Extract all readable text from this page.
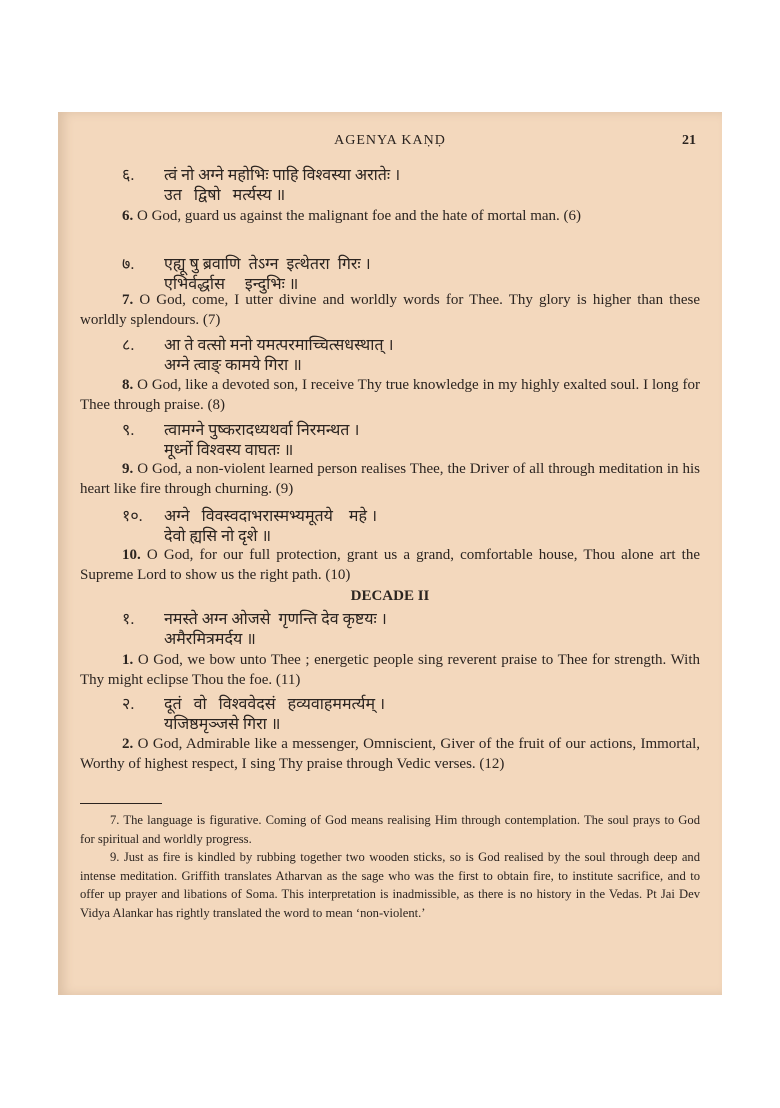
AGENYA KAṆḌ	21
६. त्वं नो अग्ने महोभिः पाहि विश्वस्या अरातेः ।
उत   द्विषो   मर्त्यस्य ॥
6. O God, guard us against the malignant foe and the hate of mortal man. (6)
७. एह्यू षु ब्रवाणि  तेऽग्न  इत्थेतरा  गिरः ।
एभिर्वर्द्धास     इन्दुभिः ॥
7. O God, come, I utter divine and worldly words for Thee. Thy glory is higher than these worldly splendours. (7)
८. आ ते वत्सो मनो यमत्परमाच्चित्सधस्थात् ।
अग्ने त्वाङ् कामये गिरा ॥
8. O God, like a devoted son, I receive Thy true knowledge in my highly exalted soul. I long for Thee through praise. (8)
९. त्वामग्ने पुष्करादध्यथर्वा निरमन्थत ।
मूर्ध्नो विश्वस्य वाघतः ॥
9. O God, a non-violent learned person realises Thee, the Driver of all through meditation in his heart like fire through churning. (9)
१०. अग्ने   विवस्वदाभरास्मभ्यमूतये    महे ।
देवो ह्यसि नो दृशे ॥
10. O God, for our full protection, grant us a grand, comfortable house, Thou alone art the Supreme Lord to show us the right path. (10)
DECADE II
१. नमस्ते अग्न ओजसे  गृणन्ति देव कृष्टयः ।
अमैरमित्रमर्दय ॥
1. O God, we bow unto Thee ; energetic people sing reverent praise to Thee for strength. With Thy might eclipse Thou the foe. (11)
२. दूतं   वो   विश्ववेदसं   हव्यवाहममर्त्यम् ।
यजिष्ठमृञ्जसे गिरा ॥
2. O God, Admirable like a messenger, Omniscient, Giver of the fruit of our actions, Immortal, Worthy of highest respect, I sing Thy praise through Vedic verses. (12)
7. The language is figurative. Coming of God means realising Him through contemplation. The soul prays to God for spiritual and worldly progress.
9. Just as fire is kindled by rubbing together two wooden sticks, so is God realised by the soul through deep and intense meditation. Griffith translates Atharvan as the sage who was the first to obtain fire, to institute sacrifice, and to offer up prayer and libations of Soma. This interpretation is inadmissible, as there is no history in the Vedas. Pt Jai Dev Vidya Alankar has rightly translated the word to mean ‘non-violent.’
